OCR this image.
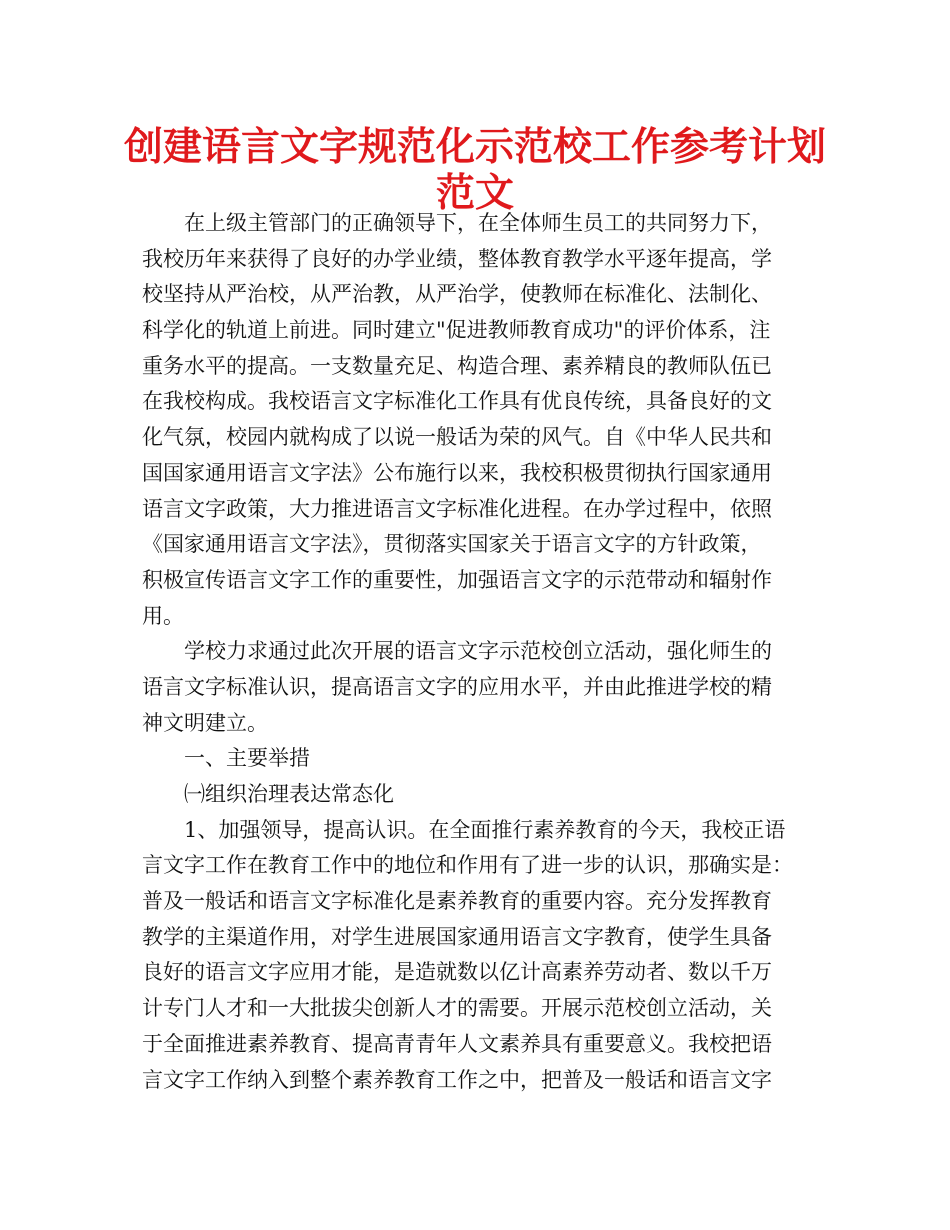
创建语言文字规范化示范校工作参考计划
范文
在上级主管部门的正确领导下，在全体师生员工的共同努力下，
我校历年来获得了良好的办学业绩，整体教育教学水平逐年提高，学
校坚持从严治校，从严治教，从严治学，使教师在标准化、法制化、
科学化的轨道上前进。同时建立"促进教师教育成功"的评价体系，注
重务水平的提高。一支数量充足、构造合理、素养精良的教师队伍已
在我校构成。我校语言文字标准化工作具有优良传统，具备良好的文
化气氛，校园内就构成了以说一般话为荣的风气。自《中华人民共和
国国家通用语言文字法》公布施行以来，我校积极贯彻执行国家通用
语言文字政策，大力推进语言文字标准化进程。在办学过程中，依照
《国家通用语言文字法》，贯彻落实国家关于语言文字的方针政策，
积极宣传语言文字工作的重要性，加强语言文字的示范带动和辐射作
用。
学校力求通过此次开展的语言文字示范校创立活动，强化师生的
语言文字标准认识，提高语言文字的应用水平，并由此推进学校的精
神文明建立。
一、主要举措
㈠组织治理表达常态化
1、加强领导，提高认识。在全面推行素养教育的今天，我校正语
言文字工作在教育工作中的地位和作用有了进一步的认识，那确实是：
普及一般话和语言文字标准化是素养教育的重要内容。充分发挥教育
教学的主渠道作用，对学生进展国家通用语言文字教育，使学生具备
良好的语言文字应用才能，是造就数以亿计高素养劳动者、数以千万
计专门人才和一大批拔尖创新人才的需要。开展示范校创立活动，关
于全面推进素养教育、提高青青年人文素养具有重要意义。我校把语
言文字工作纳入到整个素养教育工作之中，把普及一般话和语言文字
